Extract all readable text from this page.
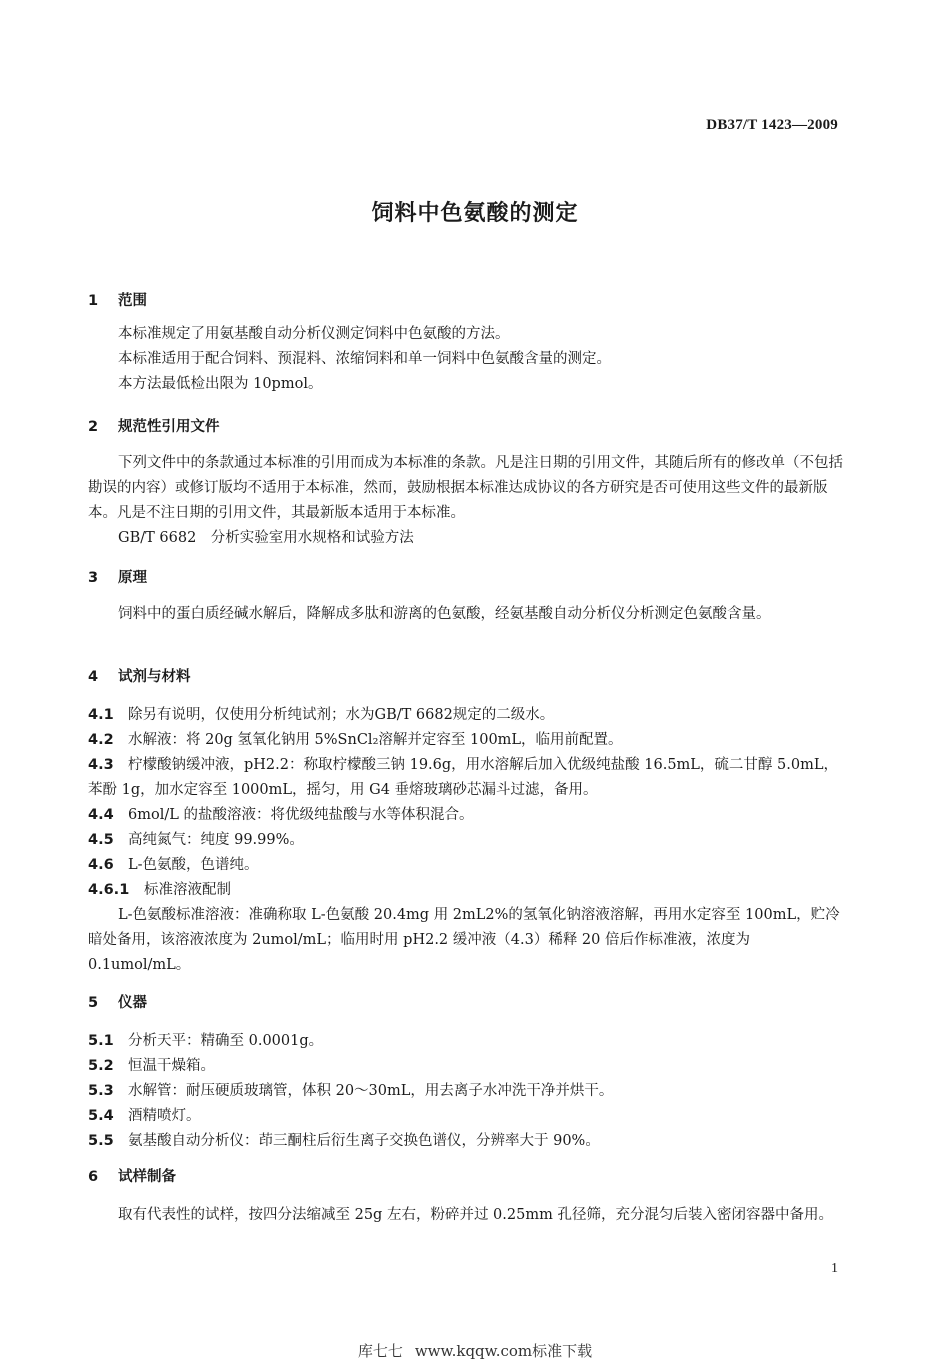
DB37/T 1423—2009
饲料中色氨酸的测定
1 范围

本标准规定了用氨基酸自动分析仪测定饲料中色氨酸的方法。

本标准适用于配合饲料、预混料、浓缩饲料和单一饲料中色氨酸含量的测定。

本方法最低检出限为 10pmol。

2 规范性引用文件

下列文件中的条款通过本标准的引用而成为本标准的条款。凡是注日期的引用文件，其随后所有的修改单（不包括勘误的内容）或修订版均不适用于本标准，然而，鼓励根据本标准达成协议的各方研究是否可使用这些文件的最新版本。凡是不注日期的引用文件，其最新版本适用于本标准。

GB/T 6682　分析实验室用水规格和试验方法

3 原理

饲料中的蛋白质经碱水解后，降解成多肽和游离的色氨酸，经氨基酸自动分析仪分析测定色氨酸含量。

4 试剂与材料

4.1 除另有说明，仅使用分析纯试剂；水为GB/T 6682规定的二级水。

4.2 水解液：将 20g 氢氧化钠用 5%SnCl₂溶解并定容至 100mL，临用前配置。

4.3 柠檬酸钠缓冲液，pH2.2：称取柠檬酸三钠 19.6g，用水溶解后加入优级纯盐酸 16.5mL，硫二甘醇 5.0mL，苯酚 1g，加水定容至 1000mL，摇匀，用 G4 垂熔玻璃砂芯漏斗过滤，备用。

4.4 6mol/L 的盐酸溶液：将优级纯盐酸与水等体积混合。

4.5 高纯氮气：纯度 99.99%。

4.6 L-色氨酸，色谱纯。

4.6.1 标准溶液配制

L-色氨酸标准溶液：准确称取 L-色氨酸 20.4mg 用 2mL2%的氢氧化钠溶液溶解，再用水定容至 100mL，贮冷暗处备用，该溶液浓度为 2umol/mL；临用时用 pH2.2 缓冲液（4.3）稀释 20 倍后作标准液，浓度为 0.1umol/mL。

5 仪器

5.1 分析天平：精确至 0.0001g。

5.2 恒温干燥箱。

5.3 水解管：耐压硬质玻璃管，体积 20～30mL，用去离子水冲洗干净并烘干。

5.4 酒精喷灯。

5.5 氨基酸自动分析仪：茚三酮柱后衍生离子交换色谱仪，分辨率大于 90%。

6 试样制备

取有代表性的试样，按四分法缩减至 25g 左右，粉碎并过 0.25mm 孔径筛，充分混匀后装入密闭容器中备用。

1
库七七 www.kqqw.com标准下载
